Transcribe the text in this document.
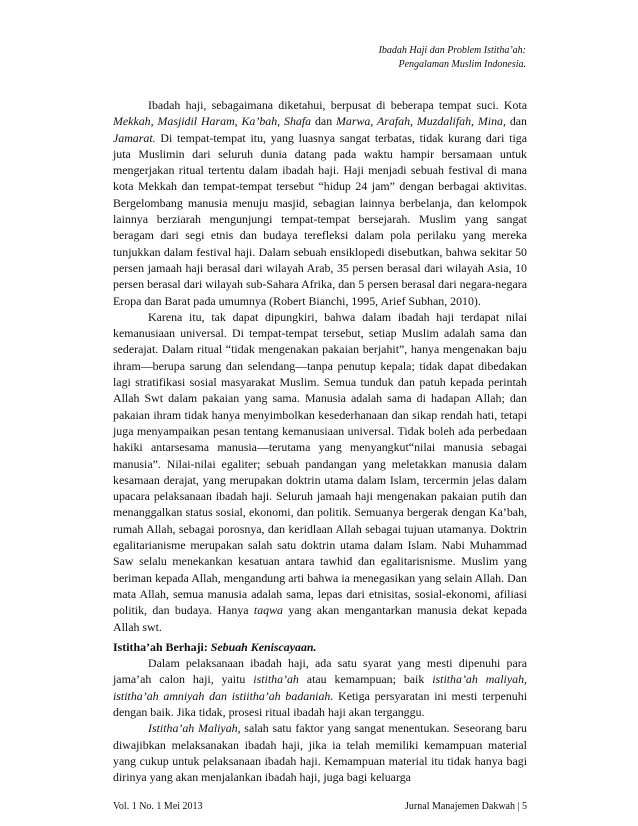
Ibadah Haji dan Problem Istitha’ah:
Pengalaman Muslim Indonesia.

Ibadah haji, sebagaimana diketahui, berpusat di beberapa tempat suci. Kota Mekkah, Masjidil Haram, Ka’bah, Shafa dan Marwa, Arafah, Muzdalifah, Mina, dan Jamarat. Di tempat-tempat itu, yang luasnya sangat terbatas, tidak kurang dari tiga juta Muslimin dari seluruh dunia datang pada waktu hampir bersamaan untuk mengerjakan ritual tertentu dalam ibadah haji. Haji menjadi sebuah festival di mana kota Mekkah dan tempat-tempat tersebut “hidup 24 jam” dengan berbagai aktivitas. Bergelombang manusia menuju masjid, sebagian lainnya berbelanja, dan kelompok lainnya berziarah mengunjungi tempat-tempat bersejarah. Muslim yang sangat beragam dari segi etnis dan budaya terefleksi dalam pola perilaku yang mereka tunjukkan dalam festival haji. Dalam sebuah ensiklopedi disebutkan, bahwa sekitar 50 persen jamaah haji berasal dari wilayah Arab, 35 persen berasal dari wilayah Asia, 10 persen berasal dari wilayah sub-Sahara Afrika, dan 5 persen berasal dari negara-negara Eropa dan Barat pada umumnya (Robert Bianchi, 1995, Arief Subhan, 2010).

Karena itu, tak dapat dipungkiri, bahwa dalam ibadah haji terdapat nilai kemanusiaan universal. Di tempat-tempat tersebut, setiap Muslim adalah sama dan sederajat. Dalam ritual “tidak mengenakan pakaian berjahit”, hanya mengenakan baju ihram—berupa sarung dan selendang—tanpa penutup kepala; tidak dapat dibedakan lagi stratifikasi sosial masyarakat Muslim. Semua tunduk dan patuh kepada perintah Allah Swt dalam pakaian yang sama. Manusia adalah sama di hadapan Allah; dan pakaian ihram tidak hanya menyimbolkan kesederhanaan dan sikap rendah hati, tetapi juga menyampaikan pesan tentang kemanusiaan universal. Tidak boleh ada perbedaan hakiki antarsesama manusia—terutama yang menyangkut“nilai manusia sebagai manusia”. Nilai-nilai egaliter; sebuah pandangan yang meletakkan manusia dalam kesamaan derajat, yang merupakan doktrin utama dalam Islam, tercermin jelas dalam upacara pelaksanaan ibadah haji. Seluruh jamaah haji mengenakan pakaian putih dan menanggalkan status sosial, ekonomi, dan politik. Semuanya bergerak dengan Ka’bah, rumah Allah, sebagai porosnya, dan keridlaan Allah sebagai tujuan utamanya. Doktrin egalitarianisme merupakan salah satu doktrin utama dalam Islam. Nabi Muhammad Saw selalu menekankan kesatuan antara tawhid dan egalitarisnisme. Muslim yang beriman kepada Allah, mengandung arti bahwa ia menegasikan yang selain Allah. Dan mata Allah, semua manusia adalah sama, lepas dari etnisitas, sosial-ekonomi, afiliasi politik, dan budaya. Hanya taqwa yang akan mengantarkan manusia dekat kepada Allah swt.

Istitha’ah Berhaji: Sebuah Keniscayaan.

Dalam pelaksanaan ibadah haji, ada satu syarat yang mesti dipenuhi para jama’ah calon haji, yaitu istitha’ah atau kemampuan; baik istitha’ah maliyah, istitha’ah amniyah dan istiitha’ah badaniah. Ketiga persyaratan ini mesti terpenuhi dengan baik. Jika tidak, prosesi ritual ibadah haji akan terganggu.

Istitha’ah Maliyah, salah satu faktor yang sangat menentukan. Seseorang baru diwajibkan melaksanakan ibadah haji, jika ia telah memiliki kemampuan material yang cukup untuk pelaksanaan ibadah haji. Kemampuan material itu tidak hanya bagi dirinya yang akan menjalankan ibadah haji, juga bagi keluarga

Vol. 1 No. 1 Mei 2013	Jurnal Manajemen Dakwah | 5
